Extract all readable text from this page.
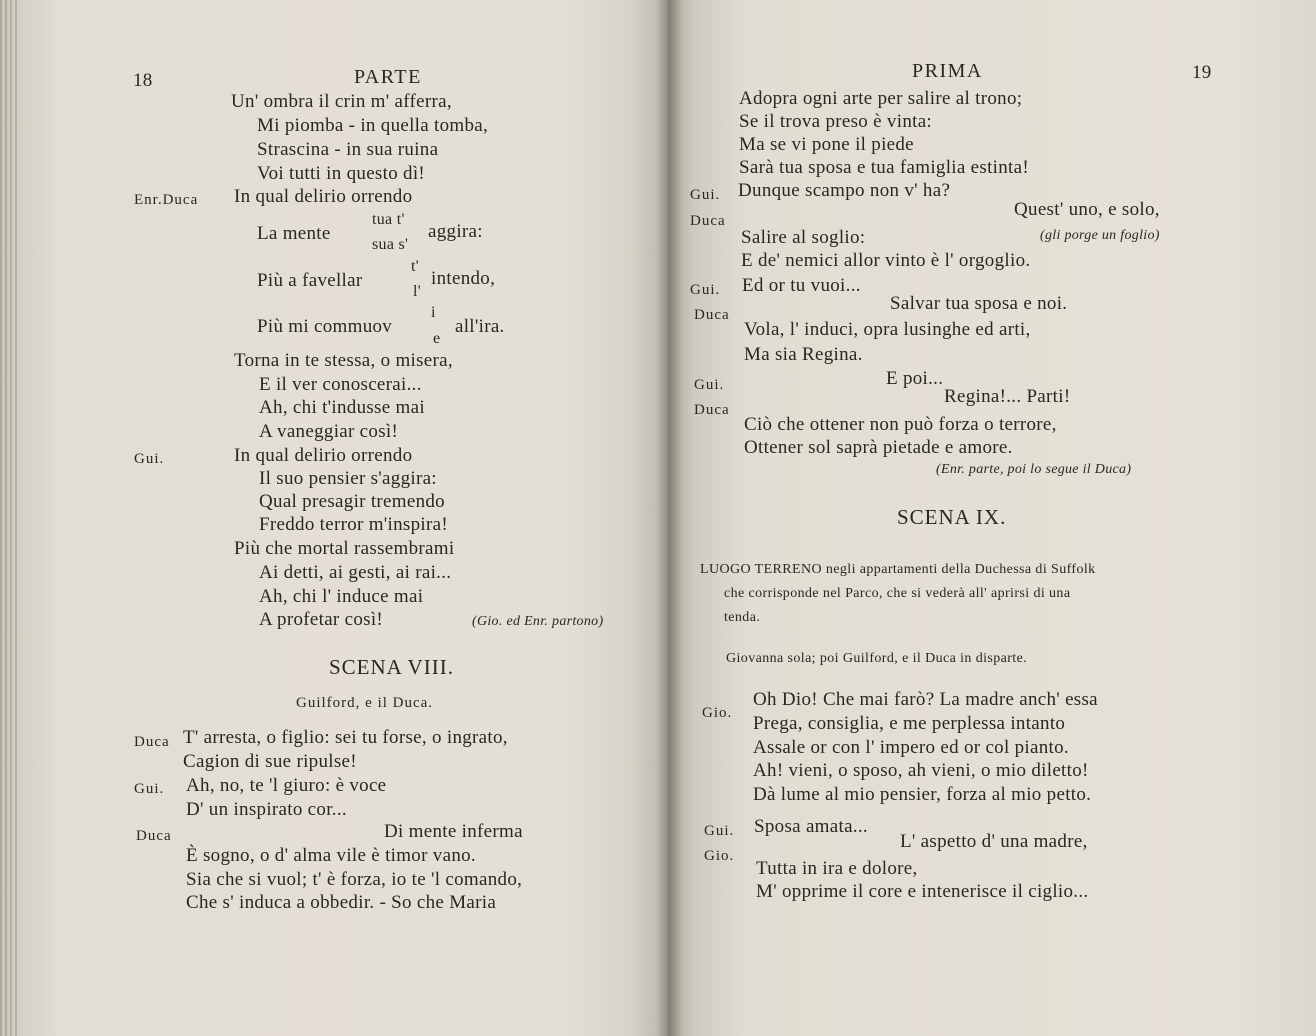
18	PARTE
Un' ombra il crin m' afferra,
Mi piomba - in quella tomba,
Strascina - in sua ruina
Voi tutti in questo dì!
Enr.Duca In qual delirio orrendo
La mente
tua t'
sua s'
aggira:
Più a favellar
t'
l'
intendo,
Più mi commuov
i
e
all'ira.
Torna in te stessa, o misera,
E il ver conoscerai...
Ah, chi t'indusse mai
A vaneggiar così!
Gui.	In qual delirio orrendo
Il suo pensier s'aggira:
Qual presagir tremendo
Freddo terror m'inspira!
Più che mortal rassembrami
Ai detti, ai gesti, ai rai...
Ah, chi l' induce mai
A profetar così!	(Gio. ed Enr. partono)
SCENA VIII.
Guilford, e il Duca.
Duca T' arresta, o figlio: sei tu forse, o ingrato,
Cagion di sue ripulse!
Gui. Ah, no, te 'l giuro: è voce
D' un inspirato cor...
Duca	Di mente inferma
È sogno, o d' alma vile è timor vano.
Sia che si vuol; t' è forza, io te 'l comando,
Che s' induca a obbedir. - So che Maria
PRIMA	19
Adopra ogni arte per salire al trono;
Se il trova preso è vinta:
Ma se vi pone il piede
Sarà tua sposa e tua famiglia estinta!
Gui. Dunque scampo non v' ha?
Duca
Quest' uno, e solo,
Salire al soglio:	(gli porge un foglio)
E de' nemici allor vinto è l' orgoglio.
Gui. Ed or tu vuoi...
Duca
Salvar tua sposa e noi.
Vola, l' induci, opra lusinghe ed arti,
Ma sia Regina.
Gui.	E poi...
Duca
Regina!... Parti!
Ciò che ottener non può forza o terrore,
Ottener sol saprà pietade e amore.
(Enr. parte, poi lo segue il Duca)
SCENA IX.
LUOGO TERRENO negli appartamenti della Duchessa di Suffolk
che corrisponde nel Parco, che si vederà all' aprirsi di una
tenda.
Giovanna sola; poi Guilford, e il Duca in disparte.
Gio.
Oh Dio! Che mai farò? La madre anch' essa
Prega, consiglia, e me perplessa intanto
Assale or con l' impero ed or col pianto.
Ah! vieni, o sposo, ah vieni, o mio diletto!
Dà lume al mio pensier, forza al mio petto.
Gui. Sposa amata...
Gio.
L' aspetto d' una madre,
Tutta in ira e dolore,
M' opprime il core e intenerisce il ciglio...
